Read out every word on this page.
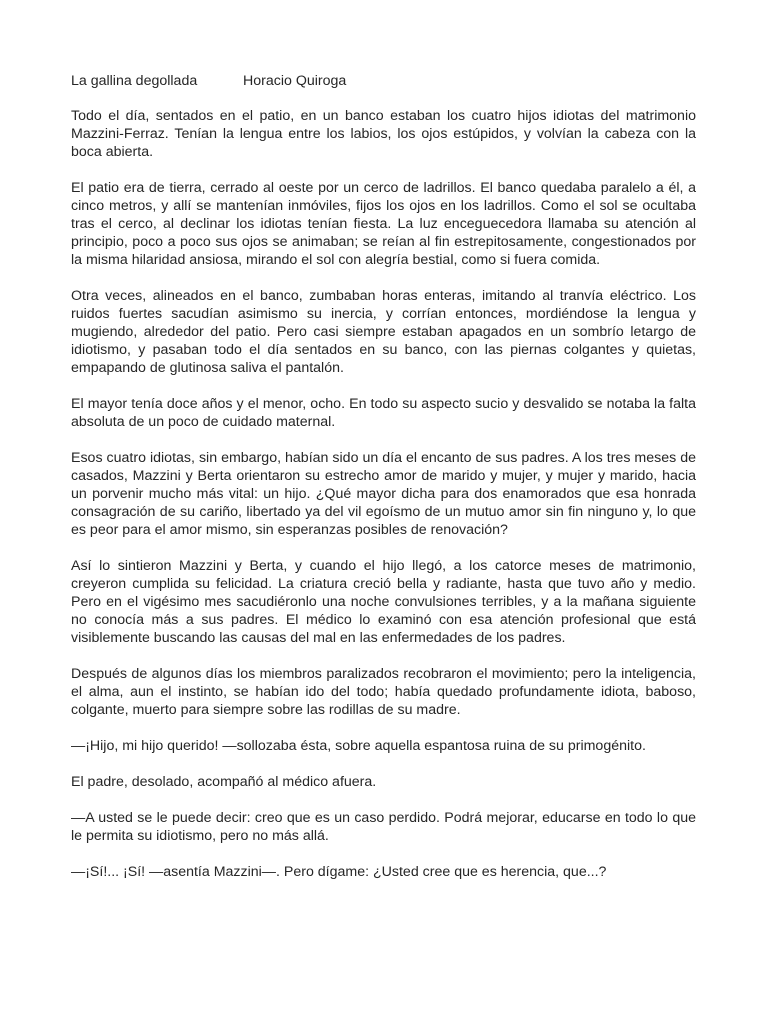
La gallina degollada	Horacio Quiroga

Todo el día, sentados en el patio, en un banco estaban los cuatro hijos idiotas del matrimonio Mazzini-Ferraz. Tenían la lengua entre los labios, los ojos estúpidos, y volvían la cabeza con la boca abierta.

El patio era de tierra, cerrado al oeste por un cerco de ladrillos. El banco quedaba paralelo a él, a cinco metros, y allí se mantenían inmóviles, fijos los ojos en los ladrillos. Como el sol se ocultaba tras el cerco, al declinar los idiotas tenían fiesta. La luz enceguecedora llamaba su atención al principio, poco a poco sus ojos se animaban; se reían al fin estrepitosamente, congestionados por la misma hilaridad ansiosa, mirando el sol con alegría bestial, como si fuera comida.

Otra veces, alineados en el banco, zumbaban horas enteras, imitando al tranvía eléctrico. Los ruidos fuertes sacudían asimismo su inercia, y corrían entonces, mordiéndose la lengua y mugiendo, alrededor del patio. Pero casi siempre estaban apagados en un sombrío letargo de idiotismo, y pasaban todo el día sentados en su banco, con las piernas colgantes y quietas, empapando de glutinosa saliva el pantalón.

El mayor tenía doce años y el menor, ocho. En todo su aspecto sucio y desvalido se notaba la falta absoluta de un poco de cuidado maternal.

Esos cuatro idiotas, sin embargo, habían sido un día el encanto de sus padres. A los tres meses de casados, Mazzini y Berta orientaron su estrecho amor de marido y mujer, y mujer y marido, hacia un porvenir mucho más vital: un hijo. ¿Qué mayor dicha para dos enamorados que esa honrada consagración de su cariño, libertado ya del vil egoísmo de un mutuo amor sin fin ninguno y, lo que es peor para el amor mismo, sin esperanzas posibles de renovación?

Así lo sintieron Mazzini y Berta, y cuando el hijo llegó, a los catorce meses de matrimonio, creyeron cumplida su felicidad. La criatura creció bella y radiante, hasta que tuvo año y medio. Pero en el vigésimo mes sacudiéronlo una noche convulsiones terribles, y a la mañana siguiente no conocía más a sus padres. El médico lo examinó con esa atención profesional que está visiblemente buscando las causas del mal en las enfermedades de los padres.

Después de algunos días los miembros paralizados recobraron el movimiento; pero la inteligencia, el alma, aun el instinto, se habían ido del todo; había quedado profundamente idiota, baboso, colgante, muerto para siempre sobre las rodillas de su madre.

—¡Hijo, mi hijo querido! —sollozaba ésta, sobre aquella espantosa ruina de su primogénito.

El padre, desolado, acompañó al médico afuera.

—A usted se le puede decir: creo que es un caso perdido. Podrá mejorar, educarse en todo lo que le permita su idiotismo, pero no más allá.

—¡Sí!... ¡Sí! —asentía Mazzini—. Pero dígame: ¿Usted cree que es herencia, que...?
